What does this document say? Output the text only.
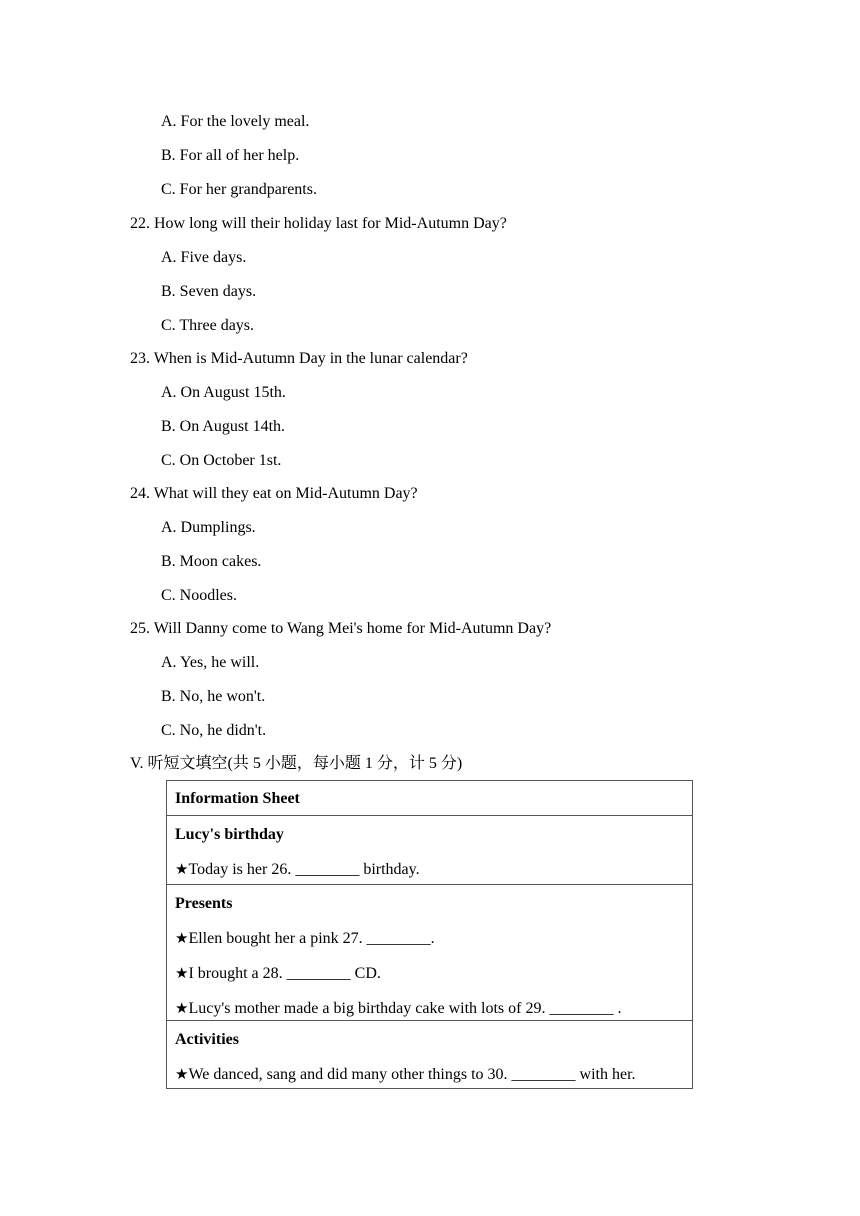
A. For the lovely meal.
B. For all of her help.
C. For her grandparents.
22. How long will their holiday last for Mid-Autumn Day?
A. Five days.
B. Seven days.
C. Three days.
23. When is Mid-Autumn Day in the lunar calendar?
A. On August 15th.
B. On August 14th.
C. On October 1st.
24. What will they eat on Mid-Autumn Day?
A. Dumplings.
B. Moon cakes.
C. Noodles.
25. Will Danny come to Wang Mei's home for Mid-Autumn Day?
A. Yes, he will.
B. No, he won't.
C. No, he didn't.
V. 听短文填空(共 5 小题，每小题 1 分，计 5 分)
Information Sheet

Lucy's birthday
★Today is her 26. ________ birthday.

Presents
★Ellen bought her a pink 27. ________.
★I brought a 28. ________ CD.
★Lucy's mother made a big birthday cake with lots of 29. ________ .

Activities
★We danced, sang and did many other things to 30. ________ with her.
